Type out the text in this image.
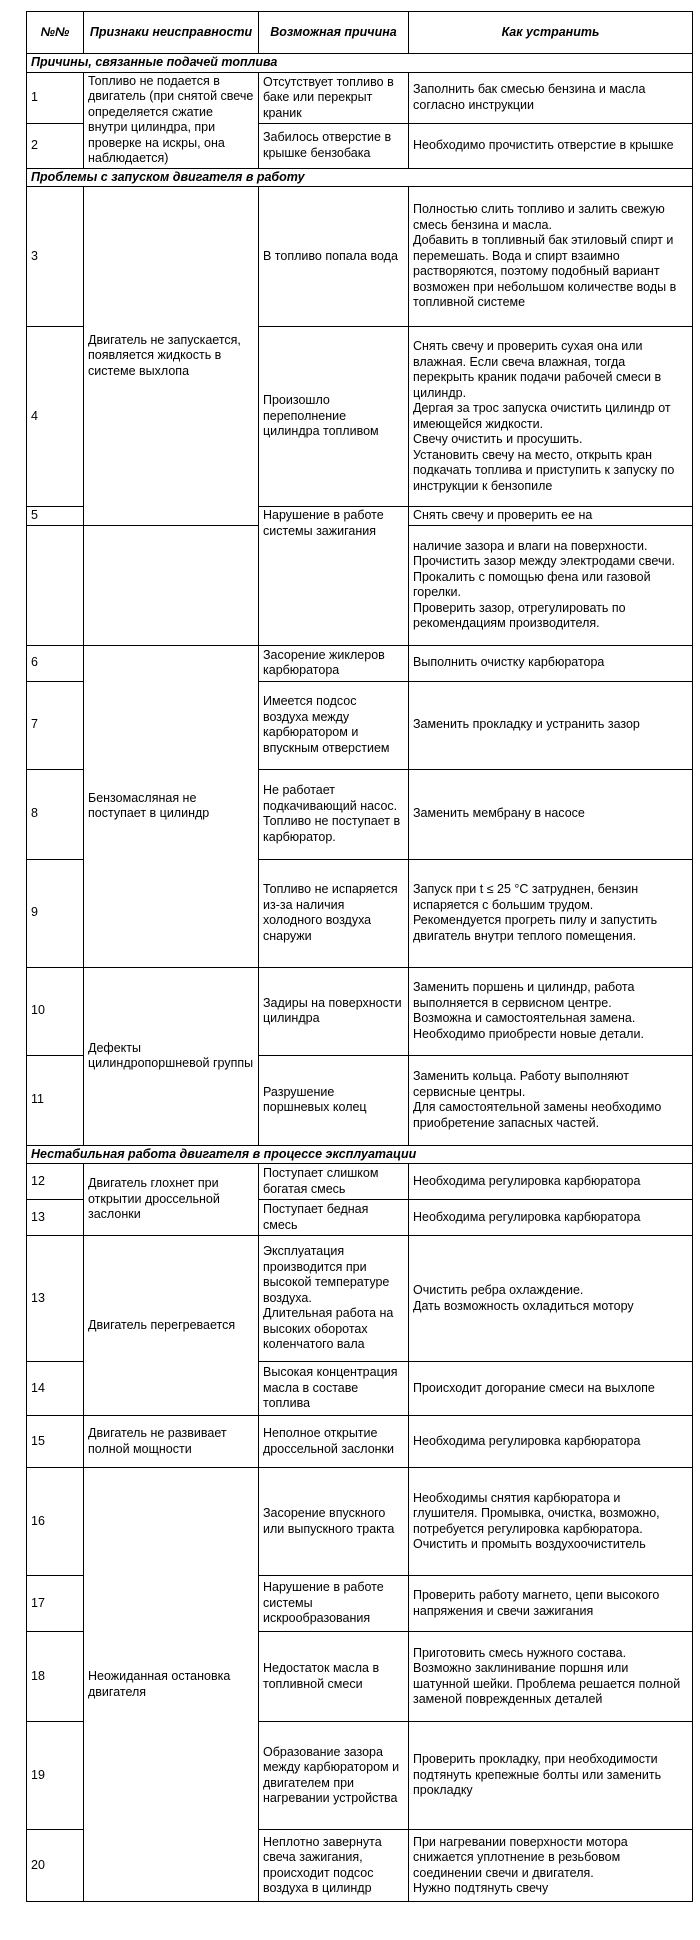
№№	Признаки неисправности	Возможная причина	Как устранить
Причины, связанные подачей топлива			
1	Топливо не подается в двигатель (при снятой свече определяется сжатие внутри цилиндра, при проверке на искры, она наблюдается)	Отсутствует топливо в баке или перекрыт краник	Заполнить бак смесью бензина и масла согласно инструкции
2		Забилось отверстие в крышке бензобака	Необходимо прочистить отверстие в крышке
Проблемы с запуском двигателя в работу			
3	Двигатель не запускается, появляется жидкость в системе выхлопа	В топливо попала вода	Полностью слить топливо и залить свежую смесь бензина и масла.
Добавить в топливный бак этиловый спирт и перемешать. Вода и спирт взаимно растворяются, поэтому подобный вариант возможен при небольшом количестве воды в топливной системе
4		Произошло переполнение цилиндра топливом	Снять свечу и проверить сухая она или влажная. Если свеча влажная, тогда перекрыть краник подачи рабочей смеси в цилиндр.
Дергая за трос запуска очистить цилиндр от имеющейся жидкости.
Свечу очистить и просушить.
Установить свечу на место, открыть кран подкачать топлива и приступить к запуску по инструкции к бензопиле
5		Нарушение в работе системы зажигания	Снять свечу и проверить ее на
			наличие зазора и влаги на поверхности.
Прочистить зазор между электродами свечи. Прокалить с помощью фена или газовой горелки.
Проверить зазор, отрегулировать по рекомендациям производителя.
6	Бензомасляная не поступает в цилиндр	Засорение жиклеров карбюратора	Выполнить очистку карбюратора
7		Имеется подсос воздуха между карбюратором и впускным отверстием	Заменить прокладку и устранить зазор
8		Не работает подкачивающий насос. Топливо не поступает в карбюратор.	Заменить мембрану в насосе
9		Топливо не испаряется из-за наличия холодного воздуха снаружи	Запуск при t ≤ 25 °С затруднен, бензин испаряется с большим трудом.
Рекомендуется прогреть пилу и запустить двигатель внутри теплого помещения.
10	Дефекты цилиндропоршневой группы	Задиры на поверхности цилиндра	Заменить поршень и цилиндр, работа выполняется в сервисном центре.
Возможна и самостоятельная замена. Необходимо приобрести новые детали.
11		Разрушение поршневых колец	Заменить кольца. Работу выполняют сервисные центры.
Для самостоятельной замены необходимо приобретение запасных частей.
Нестабильная работа двигателя в процессе эксплуатации			
12	Двигатель глохнет при открытии дроссельной заслонки	Поступает слишком богатая смесь	Необходима регулировка карбюратора
13		Поступает бедная смесь	Необходима регулировка карбюратора
13	Двигатель перегревается	Эксплуатация производится при высокой температуре воздуха.
Длительная работа на высоких оборотах коленчатого вала	Очистить ребра охлаждение.
Дать возможность охладиться мотору
14		Высокая концентрация масла в составе топлива	Происходит догорание смеси на выхлопе
15	Двигатель не развивает полной мощности	Неполное открытие дроссельной заслонки	Необходима регулировка карбюратора
16	Неожиданная остановка двигателя	Засорение впускного или выпускного тракта	Необходимы снятия карбюратора и глушителя. Промывка, очистка, возможно, потребуется регулировка карбюратора.
Очистить и промыть воздухоочиститель
17		Нарушение в работе системы искрообразования	Проверить работу магнето, цепи высокого напряжения и свечи зажигания
18		Недостаток масла в топливной смеси	Приготовить смесь нужного состава. Возможно заклинивание поршня или шатунной шейки. Проблема решается полной заменой поврежденных деталей
19		Образование зазора между карбюратором и двигателем при нагревании устройства	Проверить прокладку, при необходимости подтянуть крепежные болты или заменить прокладку
20		Неплотно завернута свеча зажигания, происходит подсос воздуха в цилиндр	При нагревании поверхности мотора снижается уплотнение в резьбовом соединении свечи и двигателя.
Нужно подтянуть свечу
